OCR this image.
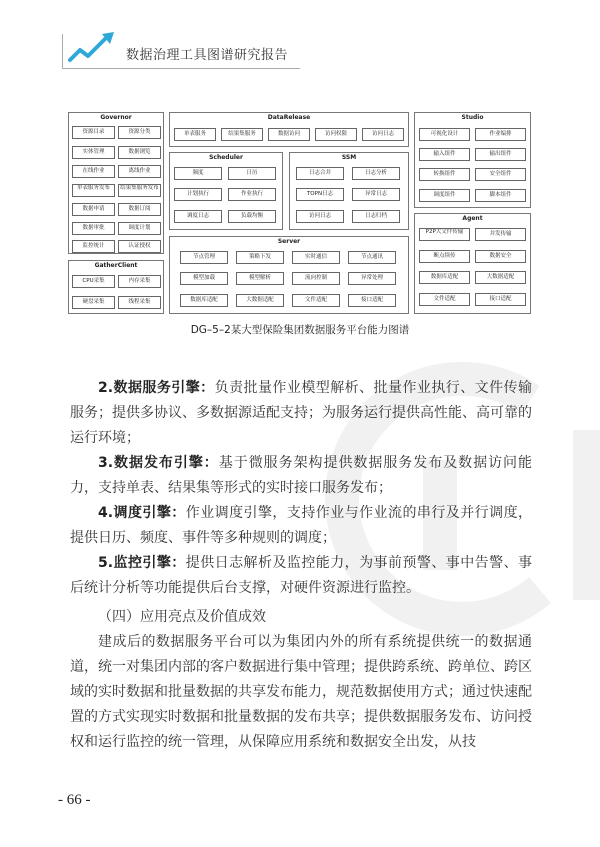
数据治理工具图谱研究报告
Governor
资源目录	资源分类
实体管理	数据浏览
在线作业	离线作业
单表服务发布	结果集服务发布
数据申请	数据订阅
数据审批	调度计划
监控统计	认证授权
GatherClient
CPU采集	内存采集
硬盘采集	线程采集
DataRelease
单表服务	结果集服务	数据访问	访问权限	访问日志
Scheduler
频度	日历
计划执行	作业执行
调度日志	负载均衡
SSM
日志合并	日志分析
TOPN日志	异常日志
访问日志	日志归档
Server
节点管理	策略下发	实时通信	节点通讯
模型加载	模型解析	流向控制	异常处理
数据库适配	大数据适配	文件适配	接口适配
Studio
可视化设计	作业编排
输入组件	输出组件
转换组件	安全组件
调度组件	脚本组件
Agent
P2P大文件传输	并发传输
断点续传	数据安全
数据库适配	大数据适配
文件适配	接口适配
DG–5–2某大型保险集团数据服务平台能力图谱
2.数据服务引擎：负责批量作业模型解析、批量作业执行、文件传输服务；提供多协议、多数据源适配支持；为服务运行提供高性能、高可靠的运行环境；
3.数据发布引擎：基于微服务架构提供数据服务发布及数据访问能力，支持单表、结果集等形式的实时接口服务发布；
4.调度引擎：作业调度引擎，支持作业与作业流的串行及并行调度，提供日历、频度、事件等多种规则的调度；
5.监控引擎：提供日志解析及监控能力，为事前预警、事中告警、事后统计分析等功能提供后台支撑，对硬件资源进行监控。
（四）应用亮点及价值成效
建成后的数据服务平台可以为集团内外的所有系统提供统一的数据通道，统一对集团内部的客户数据进行集中管理；提供跨系统、跨单位、跨区域的实时数据和批量数据的共享发布能力，规范数据使用方式；通过快速配置的方式实现实时数据和批量数据的发布共享；提供数据服务发布、访问授权和运行监控的统一管理，从保障应用系统和数据安全出发，从技
- 66 -
